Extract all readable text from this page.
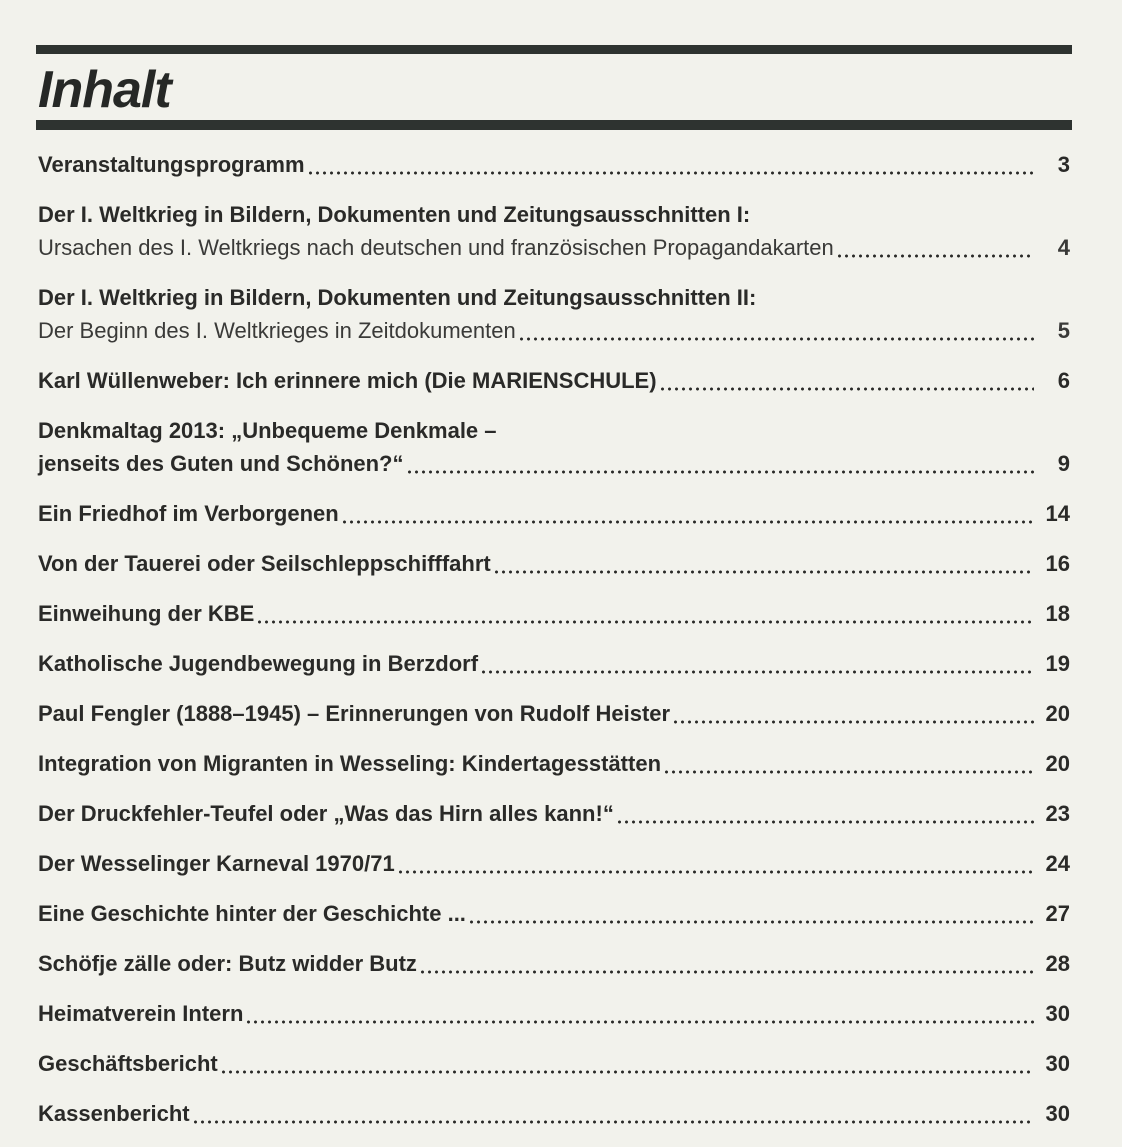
Inhalt
Veranstaltungsprogramm	3
Der I. Weltkrieg in Bildern, Dokumenten und Zeitungsausschnitten I:
Ursachen des I. Weltkriegs nach deutschen und französischen Propagandakarten	4
Der I. Weltkrieg in Bildern, Dokumenten und Zeitungsausschnitten II:
Der Beginn des I. Weltkrieges in Zeitdokumenten	5
Karl Wüllenweber: Ich erinnere mich (Die MARIENSCHULE)	6
Denkmaltag 2013: „Unbequeme Denkmale –
jenseits des Guten und Schönen?“	9
Ein Friedhof im Verborgenen	14
Von der Tauerei oder Seilschleppschifffahrt	16
Einweihung der KBE	18
Katholische Jugendbewegung in Berzdorf	19
Paul Fengler (1888–1945) – Erinnerungen von Rudolf Heister	20
Integration von Migranten in Wesseling: Kindertagesstätten	20
Der Druckfehler-Teufel oder „Was das Hirn alles kann!“	23
Der Wesselinger Karneval 1970/71	24
Eine Geschichte hinter der Geschichte ...	27
Schöfje zälle oder: Butz widder Butz	28
Heimatverein Intern	30
Geschäftsbericht	30
Kassenbericht	30
